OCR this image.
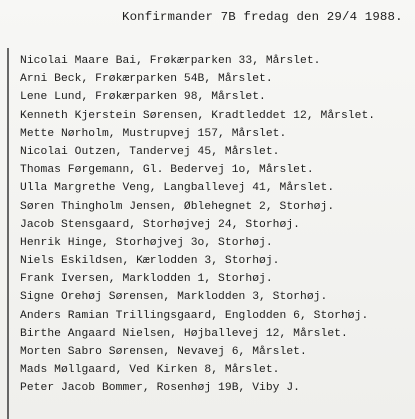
Konfirmander 7B fredag den 29/4 1988.
Nicolai Maare Bai, Frøkærparken 33, Mårslet.
Arni Beck, Frøkærparken 54B, Mårslet.
Lene Lund, Frøkærparken 98, Mårslet.
Kenneth Kjerstein Sørensen, Kradtleddet 12, Mårslet.
Mette Nørholm, Mustrupvej 157, Mårslet.
Nicolai Outzen, Tandervej 45, Mårslet.
Thomas Førgemann, Gl. Bedervej 1o, Mårslet.
Ulla Margrethe Veng, Langballevej 41, Mårslet.
Søren Thingholm Jensen, Øblehegnet 2, Storhøj.
Jacob Stensgaard, Storhøjvej 24, Storhøj.
Henrik Hinge, Storhøjvej 3o, Storhøj.
Niels Eskildsen, Kærlodden 3, Storhøj.
Frank Iversen, Marklodden 1, Storhøj.
Signe Orehøj Sørensen, Marklodden 3, Storhøj.
Anders Ramian Trillingsgaard, Englodden 6, Storhøj.
Birthe Angaard Nielsen, Højballevej 12, Mårslet.
Morten Sabro Sørensen, Nevavej 6, Mårslet.
Mads Møllgaard, Ved Kirken 8, Mårslet.
Peter Jacob Bommer, Rosenhøj 19B, Viby J.
